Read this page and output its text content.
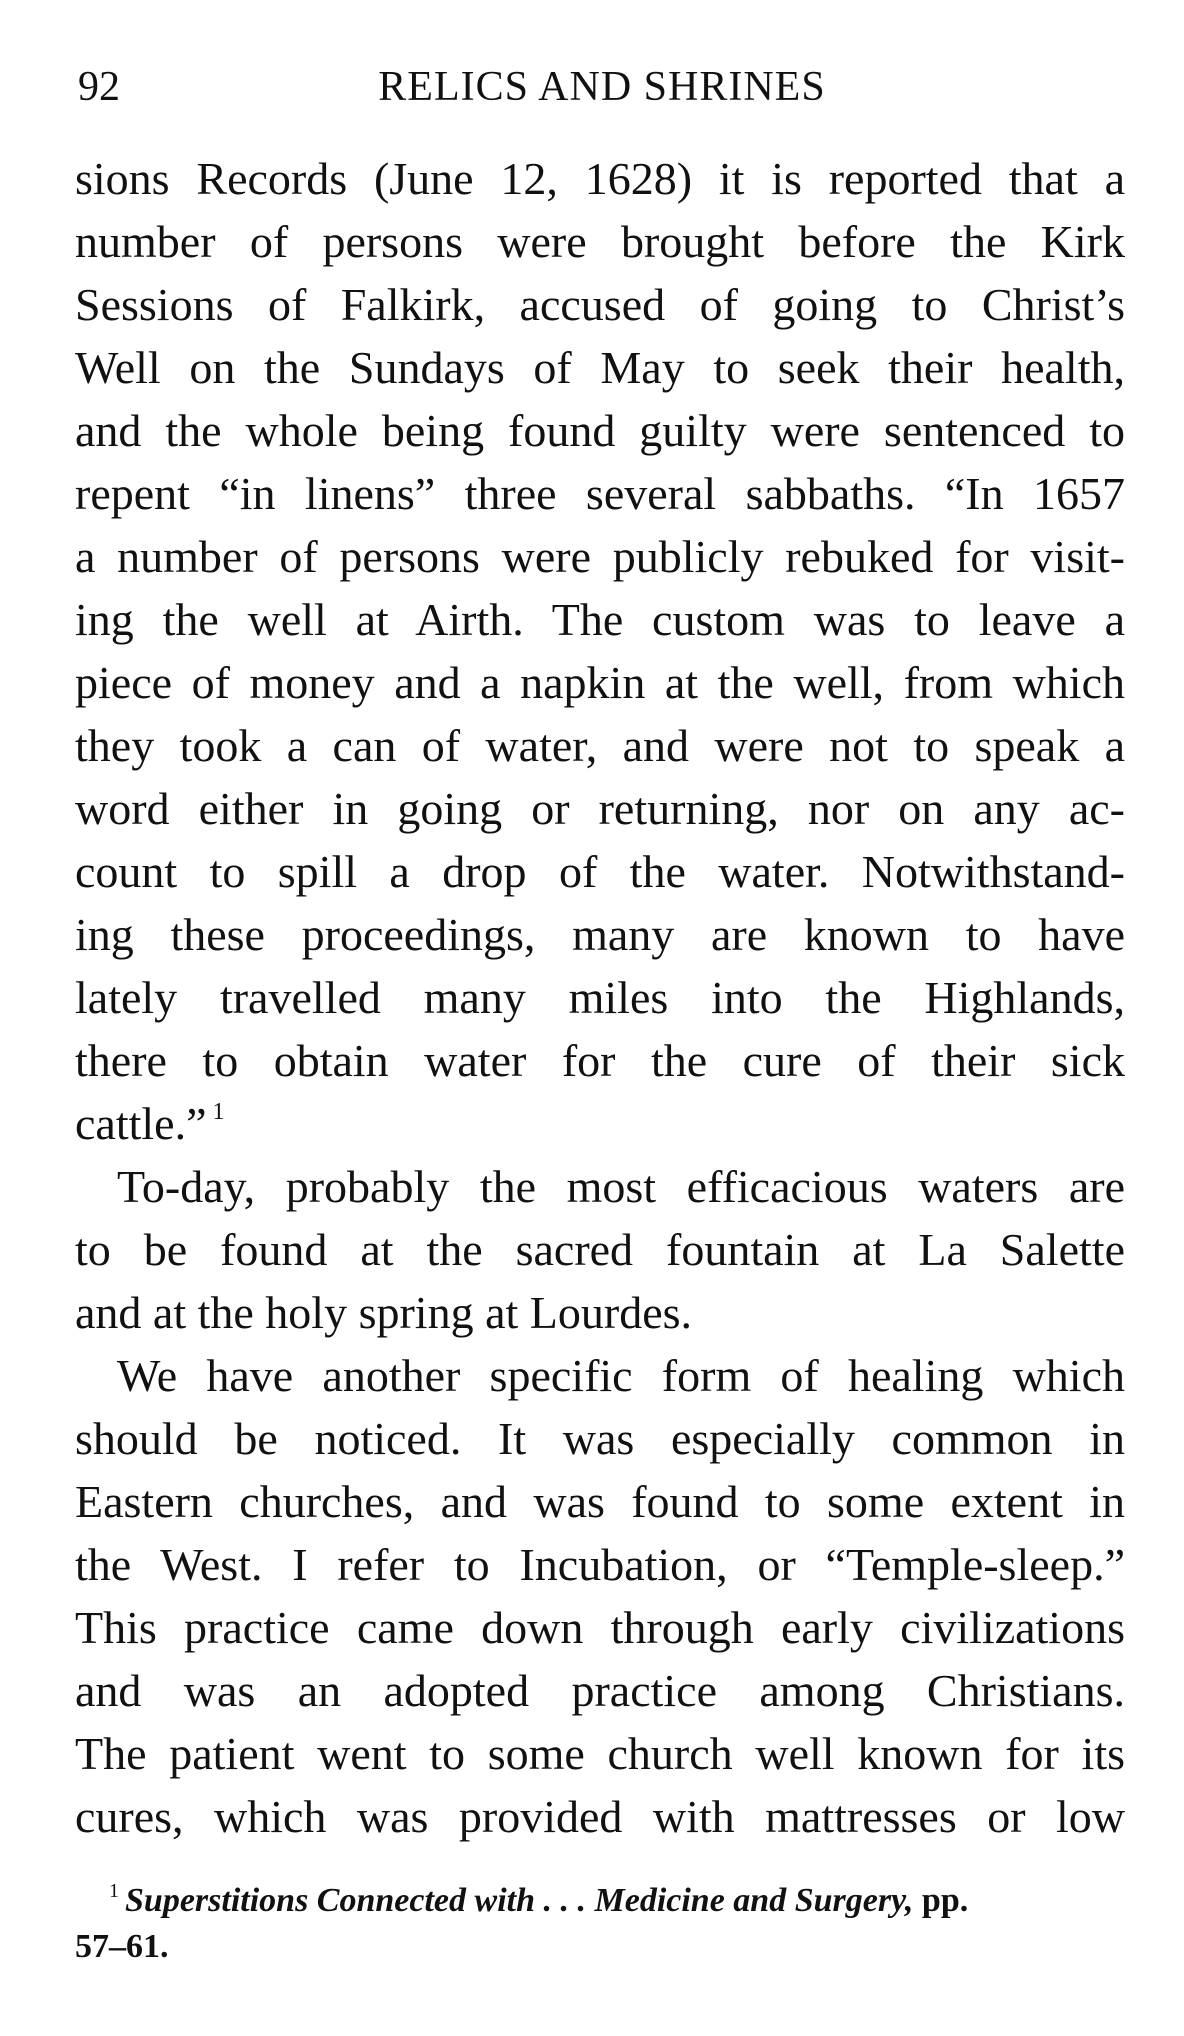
92	RELICS AND SHRINES
sions Records (June 12, 1628) it is reported that a
number of persons were brought before the Kirk
Sessions of Falkirk, accused of going to Christ’s
Well on the Sundays of May to seek their health,
and the whole being found guilty were sentenced to
repent “in linens” three several sabbaths. “In 1657
a number of persons were publicly rebuked for visit-
ing the well at Airth. The custom was to leave a
piece of money and a napkin at the well, from which
they took a can of water, and were not to speak a
word either in going or returning, nor on any ac-
count to spill a drop of the water. Notwithstand-
ing these proceedings, many are known to have
lately travelled many miles into the Highlands,
there to obtain water for the cure of their sick
cattle.” $^1$
To-day, probably the most efficacious waters are
to be found at the sacred fountain at La Salette
and at the holy spring at Lourdes.
We have another specific form of healing which
should be noticed. It was especially common in
Eastern churches, and was found to some extent in
the West. I refer to Incubation, or “Temple-sleep.”
This practice came down through early civilizations
and was an adopted practice among Christians.
The patient went to some church well known for its
cures, which was provided with mattresses or low
$^1$ Superstitions Connected with . . . Medicine and Surgery, pp.
57–61.
